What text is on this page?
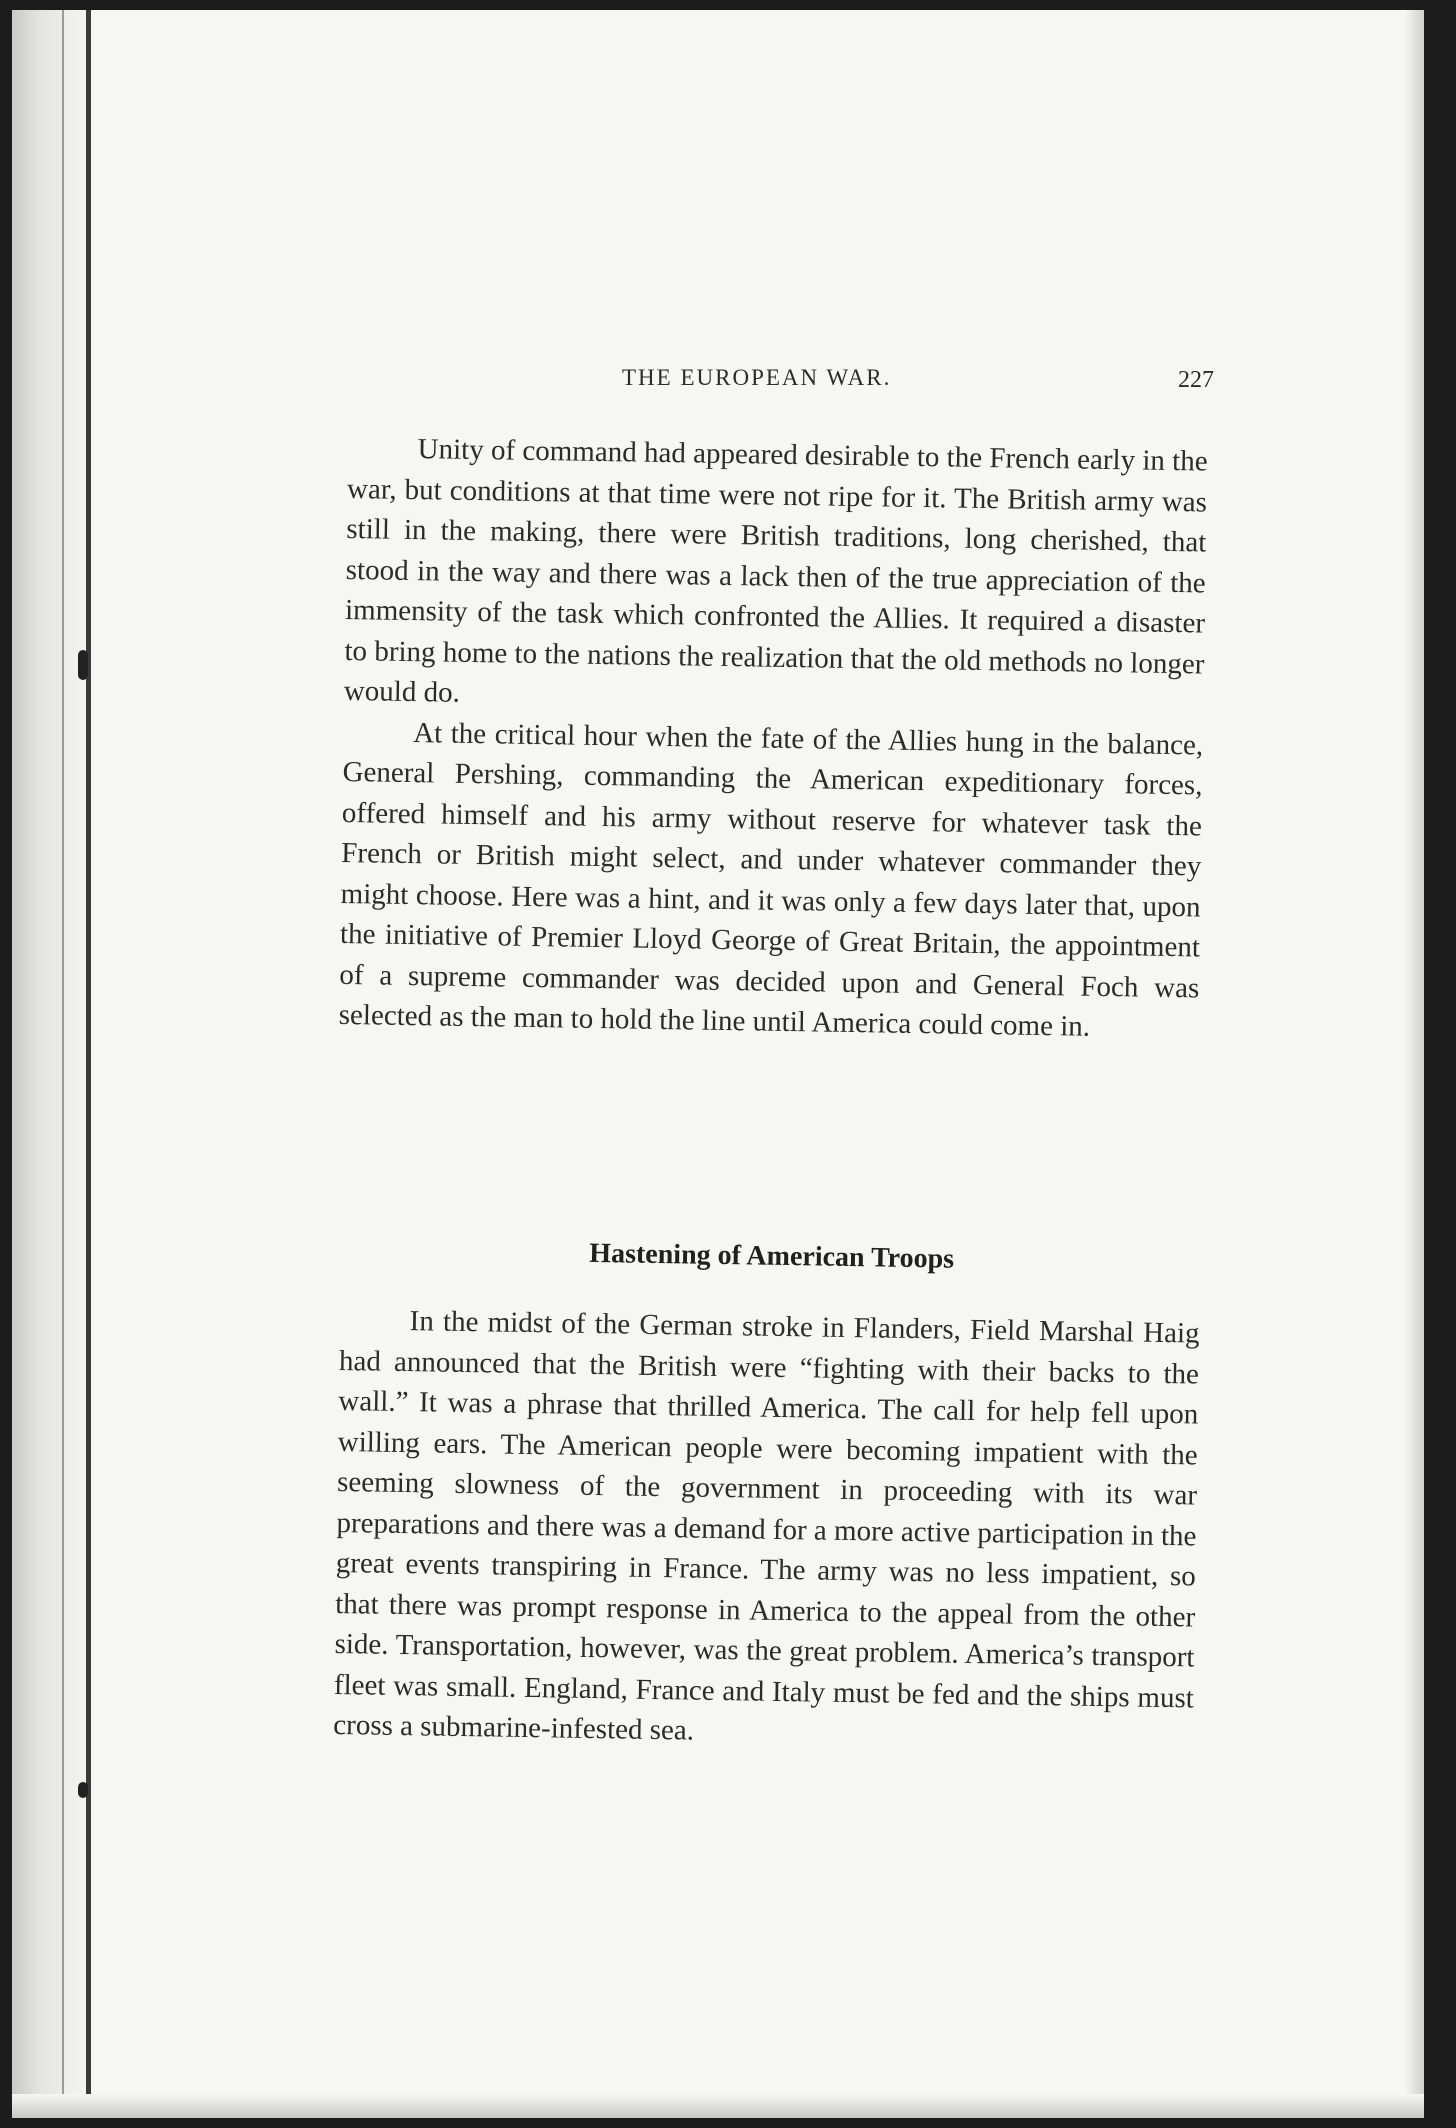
THE EUROPEAN WAR.	227

Unity of command had appeared desirable to the French early in the war, but conditions at that time were not ripe for it. The British army was still in the making, there were British traditions, long cherished, that stood in the way and there was a lack then of the true appreciation of the immensity of the task which confronted the Allies. It required a disaster to bring home to the nations the realization that the old methods no longer would do.

At the critical hour when the fate of the Allies hung in the balance, General Pershing, commanding the American expeditionary forces, offered himself and his army without reserve for whatever task the French or British might select, and under whatever commander they might choose. Here was a hint, and it was only a few days later that, upon the initiative of Premier Lloyd George of Great Britain, the appointment of a supreme commander was decided upon and General Foch was selected as the man to hold the line until America could come in.

Hastening of American Troops

In the midst of the German stroke in Flanders, Field Marshal Haig had announced that the British were “fighting with their backs to the wall.” It was a phrase that thrilled America. The call for help fell upon willing ears. The American people were becoming impatient with the seeming slowness of the government in proceeding with its war preparations and there was a demand for a more active participation in the great events transpiring in France. The army was no less impatient, so that there was prompt response in America to the appeal from the other side. Transportation, however, was the great problem. America’s transport fleet was small. England, France and Italy must be fed and the ships must cross a submarine-infested sea.
